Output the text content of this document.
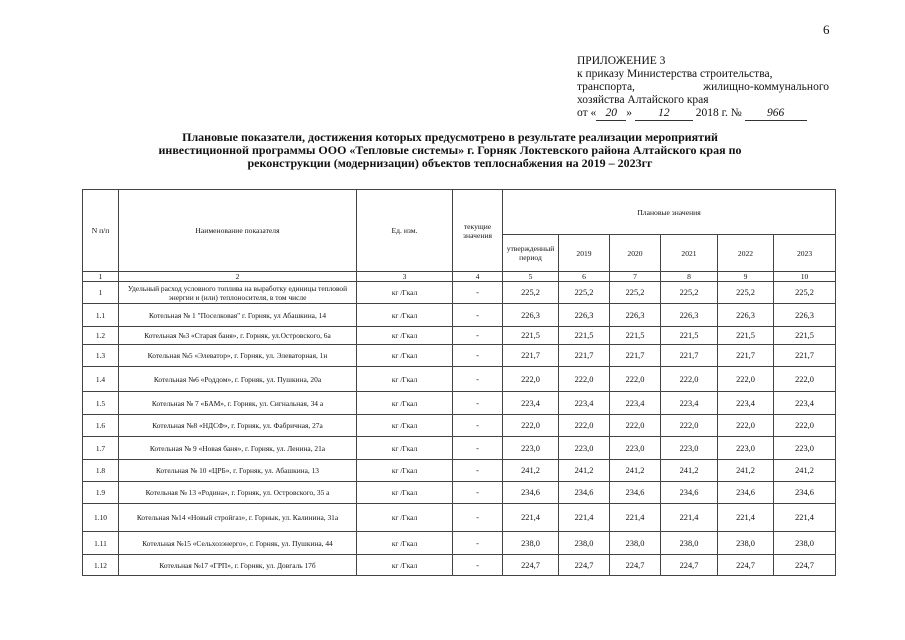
6
ПРИЛОЖЕНИЕ 3
к приказу Министерства строительства,
транспорта, жилищно-коммунального
хозяйства Алтайского края
от « 20 » 12 2018 г. № 966
Плановые показатели, достижения которых предусмотрено в результате реализации мероприятий
инвестиционной программы ООО «Тепловые системы» г. Горняк Локтевского района Алтайского края по
реконструкции (модернизации) объектов теплоснабжения на 2019 – 2023гг
N п/п	Наименование показателя	Ед. изм.	текущие значения	Плановые значения					
				утвержденный период	2019	2020	2021	2022	2023
1	2	3	4	5	6	7	8	9	10
1	Удельный расход условного топлива на выработку единицы тепловой энергии и (или) теплоносителя, в том числе	кг /Гкал	-	225,2	225,2	225,2	225,2	225,2	225,2
1.1	Котельная № 1 "Поселковая" г. Горняк, ул Абашкина, 14	кг /Гкал	-	226,3	226,3	226,3	226,3	226,3	226,3
1.2	Котельная №3 «Старая баня», г. Горняк, ул.Островского, 6а	кг /Гкал	-	221,5	221,5	221,5	221,5	221,5	221,5
1.3	Котельная №5 «Элеватор», г. Горняк, ул. Элеваторная, 1н	кг /Гкал	-	221,7	221,7	221,7	221,7	221,7	221,7
1.4	Котельная №6 «Роддом», г. Горняк, ул. Пушкина, 20а	кг /Гкал	-	222,0	222,0	222,0	222,0	222,0	222,0
1.5	Котельная № 7 «БАМ», г. Горняк, ул. Сигнальная, 34 а	кг /Гкал	-	223,4	223,4	223,4	223,4	223,4	223,4
1.6	Котельная №8 «НДСФ», г. Горняк, ул. Фабричная, 27а	кг /Гкал	-	222,0	222,0	222,0	222,0	222,0	222,0
1.7	Котельная № 9 «Новая баня», г. Горняк, ул. Ленина, 21а	кг /Гкал	-	223,0	223,0	223,0	223,0	223,0	223,0
1.8	Котельная № 10 «ЦРБ», г. Горняк, ул. Абашкина, 13	кг /Гкал	-	241,2	241,2	241,2	241,2	241,2	241,2
1.9	Котельная № 13 «Родина», г. Горняк, ул. Островского, 35 а	кг /Гкал	-	234,6	234,6	234,6	234,6	234,6	234,6
1.10	Котельная №14 «Новый стройгаз», г. Горнык, ул. Калинина, 31а	кг /Гкал	-	221,4	221,4	221,4	221,4	221,4	221,4
1.11	Котельная №15 «Сельхозэнерго», г. Горняк, ул. Пушкина, 44	кг /Гкал	-	238,0	238,0	238,0	238,0	238,0	238,0
1.12	Котельная №17 «ГРП», г. Горняк, ул. Довгаль 17б	кг /Гкал	-	224,7	224,7	224,7	224,7	224,7	224,7
